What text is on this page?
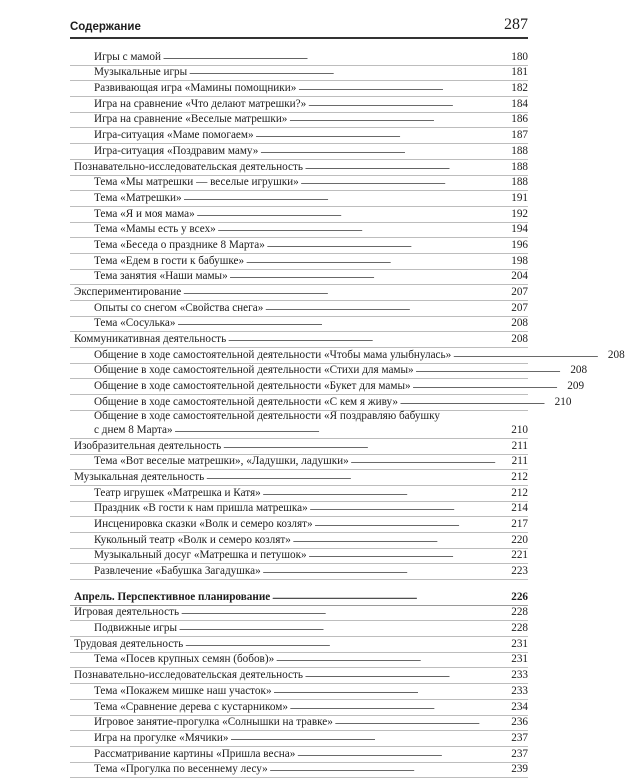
Содержание	287
Игры с мамой . . .	180
Музыкальные игры . . .	181
Развивающая игра «Мамины помощники» . . .	182
Игра на сравнение «Что делают матрешки?» . . .	184
Игра на сравнение «Веселые матрешки» . . .	186
Игра-ситуация «Маме помогаем» . . .	187
Игра-ситуация «Поздравим маму» . . .	188
Познавательно-исследовательская деятельность . . .	188
Тема «Мы матрешки — веселые игрушки» . . .	188
Тема «Матрешки» . . .	191
Тема «Я и моя мама» . . .	192
Тема «Мамы есть у всех» . . .	194
Тема «Беседа о празднике 8 Марта» . . .	196
Тема «Едем в гости к бабушке» . . .	198
Тема занятия «Наши мамы» . . .	204
Экспериментирование . . .	207
Опыты со снегом «Свойства снега» . . .	207
Тема «Сосулька» . . .	208
Коммуникативная деятельность . . .	208
Общение в ходе самостоятельной деятельности «Чтобы мама улыбнулась» . . .	208
Общение в ходе самостоятельной деятельности «Стихи для мамы» . . .	208
Общение в ходе самостоятельной деятельности «Букет для мамы» . . .	209
Общение в ходе самостоятельной деятельности «С кем я живу» . . .	210
Общение в ходе самостоятельной деятельности «Я поздравляю бабушку
с днем 8 Марта» . . .	210
Изобразительная деятельность . . .	211
Тема «Вот веселые матрешки», «Ладушки, ладушки» . . .	211
Музыкальная деятельность . . .	212
Театр игрушек «Матрешка и Катя» . . .	212
Праздник «В гости к нам пришла матрешка» . . .	214
Инсценировка сказки «Волк и семеро козлят» . . .	217
Кукольный театр «Волк и семеро козлят» . . .	220
Музыкальный досуг «Матрешка и петушок» . . .	221
Развлечение «Бабушка Загадушка» . . .	223
Апрель. Перспективное планирование . . .	226
Игровая деятельность . . .	228
Подвижные игры . . .	228
Трудовая деятельность . . .	231
Тема «Посев крупных семян (бобов)» . . .	231
Познавательно-исследовательская деятельность . . .	233
Тема «Покажем мишке наш участок» . . .	233
Тема «Сравнение дерева с кустарником» . . .	234
Игровое занятие-прогулка «Солнышки на травке» . . .	236
Игра на прогулке «Мячики» . . .	237
Рассматривание картины «Пришла весна» . . .	237
Тема «Прогулка по весеннему лесу» . . .	239
